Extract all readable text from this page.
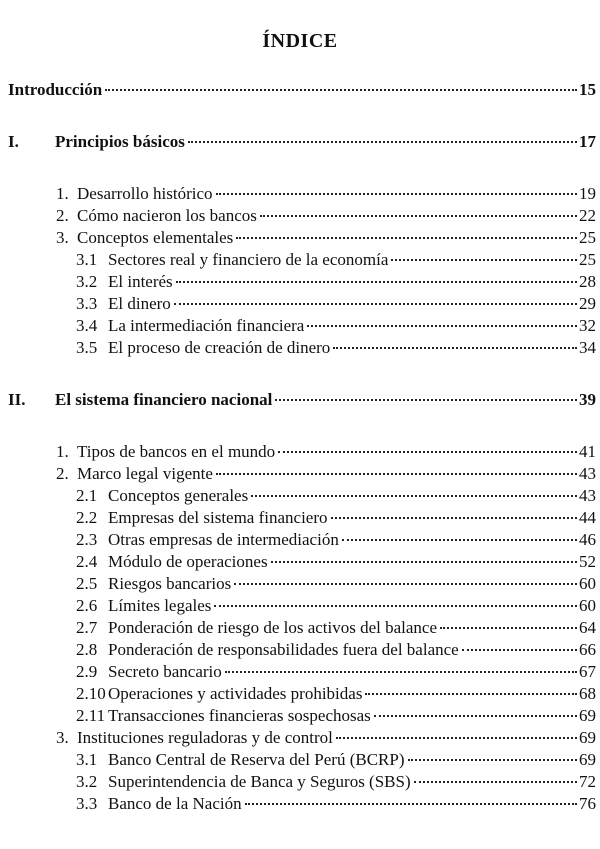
ÍNDICE
Introducción	15
I.	Principios básicos	17
1. Desarrollo histórico	19
2. Cómo nacieron los bancos	22
3. Conceptos elementales	25
3.1 Sectores real y financiero de la economía	25
3.2 El interés	28
3.3 El dinero	29
3.4 La intermediación financiera	32
3.5 El proceso de creación de dinero	34
II.	El sistema financiero nacional	39
1. Tipos de bancos en el mundo	41
2. Marco legal vigente	43
2.1 Conceptos generales	43
2.2 Empresas del sistema financiero	44
2.3 Otras empresas de intermediación	46
2.4 Módulo de operaciones	52
2.5 Riesgos bancarios	60
2.6 Límites legales	60
2.7 Ponderación de riesgo de los activos del balance	64
2.8 Ponderación de responsabilidades fuera del balance	66
2.9 Secreto bancario	67
2.10 Operaciones y actividades prohibidas	68
2.11 Transacciones financieras sospechosas	69
3. Instituciones reguladoras y de control	69
3.1 Banco Central de Reserva del Perú (BCRP)	69
3.2 Superintendencia de Banca y Seguros (SBS)	72
3.3 Banco de la Nación	76
